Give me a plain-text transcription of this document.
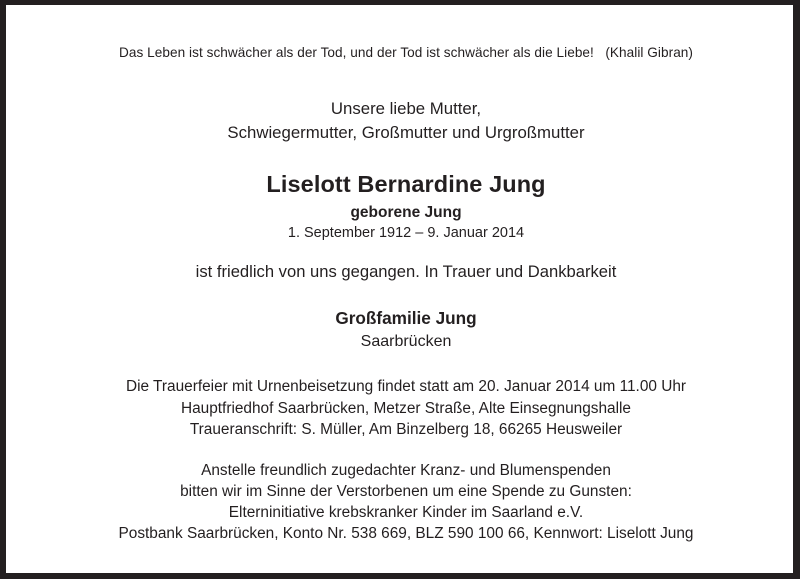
Das Leben ist schwächer als der Tod, und der Tod ist schwächer als die Liebe! (Khalil Gibran)
Unsere liebe Mutter,
Schwiegermutter, Großmutter und Urgroßmutter
Liselott Bernardine Jung
geborene Jung
1. September 1912 – 9. Januar 2014
ist friedlich von uns gegangen. In Trauer und Dankbarkeit
Großfamilie Jung
Saarbrücken
Die Trauerfeier mit Urnenbeisetzung findet statt am 20. Januar 2014 um 11.00 Uhr
Hauptfriedhof Saarbrücken, Metzer Straße, Alte Einsegnungshalle
Traueranschrift: S. Müller, Am Binzelberg 18, 66265 Heusweiler
Anstelle freundlich zugedachter Kranz- und Blumenspenden
bitten wir im Sinne der Verstorbenen um eine Spende zu Gunsten:
Elterninitiative krebskranker Kinder im Saarland e.V.
Postbank Saarbrücken, Konto Nr. 538 669, BLZ 590 100 66, Kennwort: Liselott Jung
